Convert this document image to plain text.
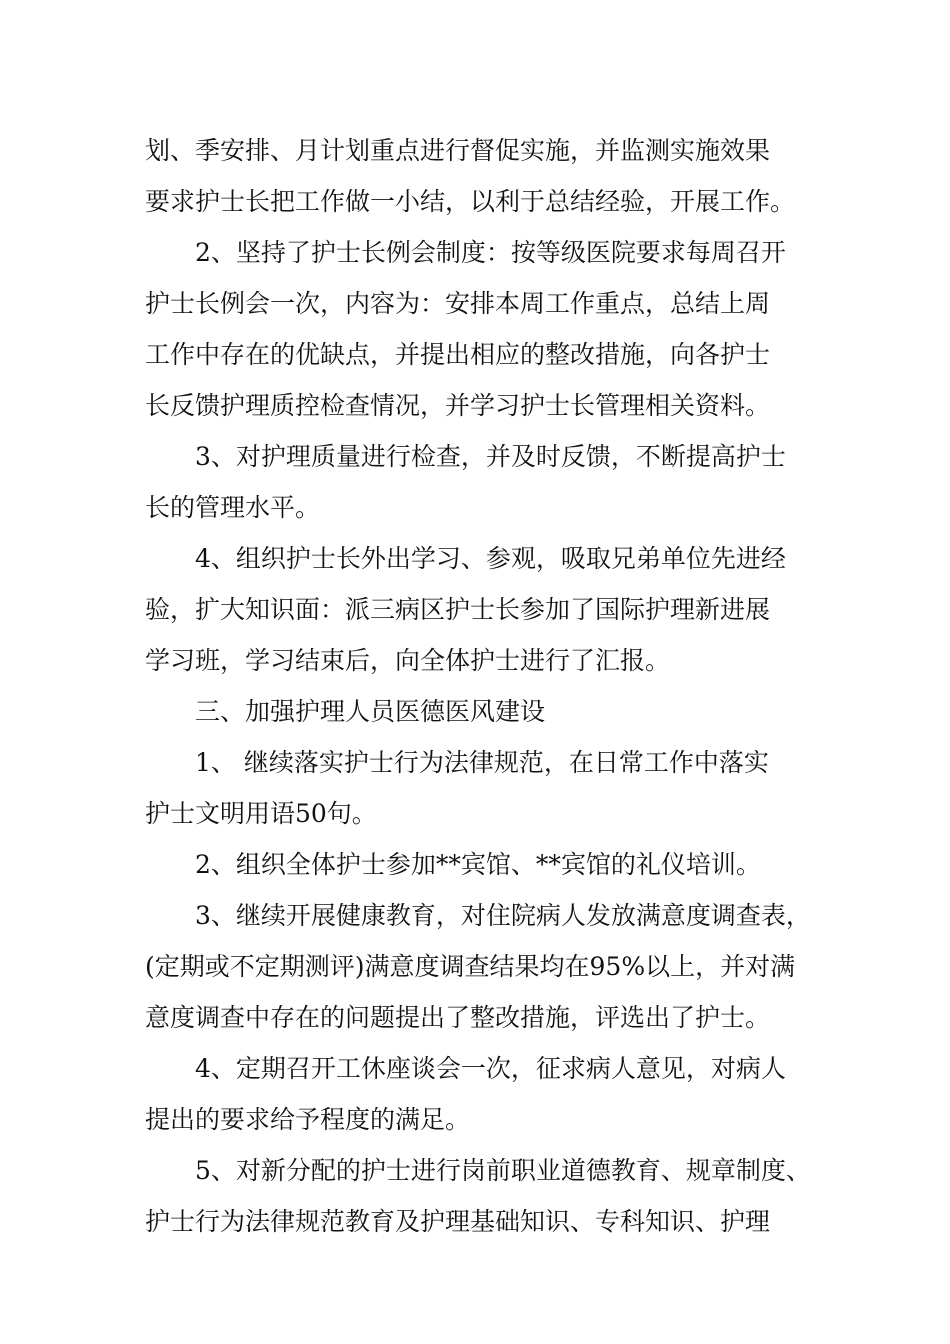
划、季安排、月计划重点进行督促实施，并监测实施效果

要求护士长把工作做一小结，以利于总结经验，开展工作。

2、坚持了护士长例会制度：按等级医院要求每周召开

护士长例会一次，内容为：安排本周工作重点，总结上周

工作中存在的优缺点，并提出相应的整改措施，向各护士

长反馈护理质控检查情况，并学习护士长管理相关资料。

3、对护理质量进行检查，并及时反馈，不断提高护士

长的管理水平。

4、组织护士长外出学习、参观，吸取兄弟单位先进经

验，扩大知识面：派三病区护士长参加了国际护理新进展

学习班，学习结束后，向全体护士进行了汇报。

三、加强护理人员医德医风建设

1、 继续落实护士行为法律规范，在日常工作中落实

护士文明用语50句。

2、组织全体护士参加**宾馆、**宾馆的礼仪培训。

3、继续开展健康教育，对住院病人发放满意度调查表，

(定期或不定期测评)满意度调查结果均在95%以上，并对满

意度调查中存在的问题提出了整改措施，评选出了护士。

4、定期召开工休座谈会一次，征求病人意见，对病人

提出的要求给予程度的满足。

5、对新分配的护士进行岗前职业道德教育、规章制度、

护士行为法律规范教育及护理基础知识、专科知识、护理
